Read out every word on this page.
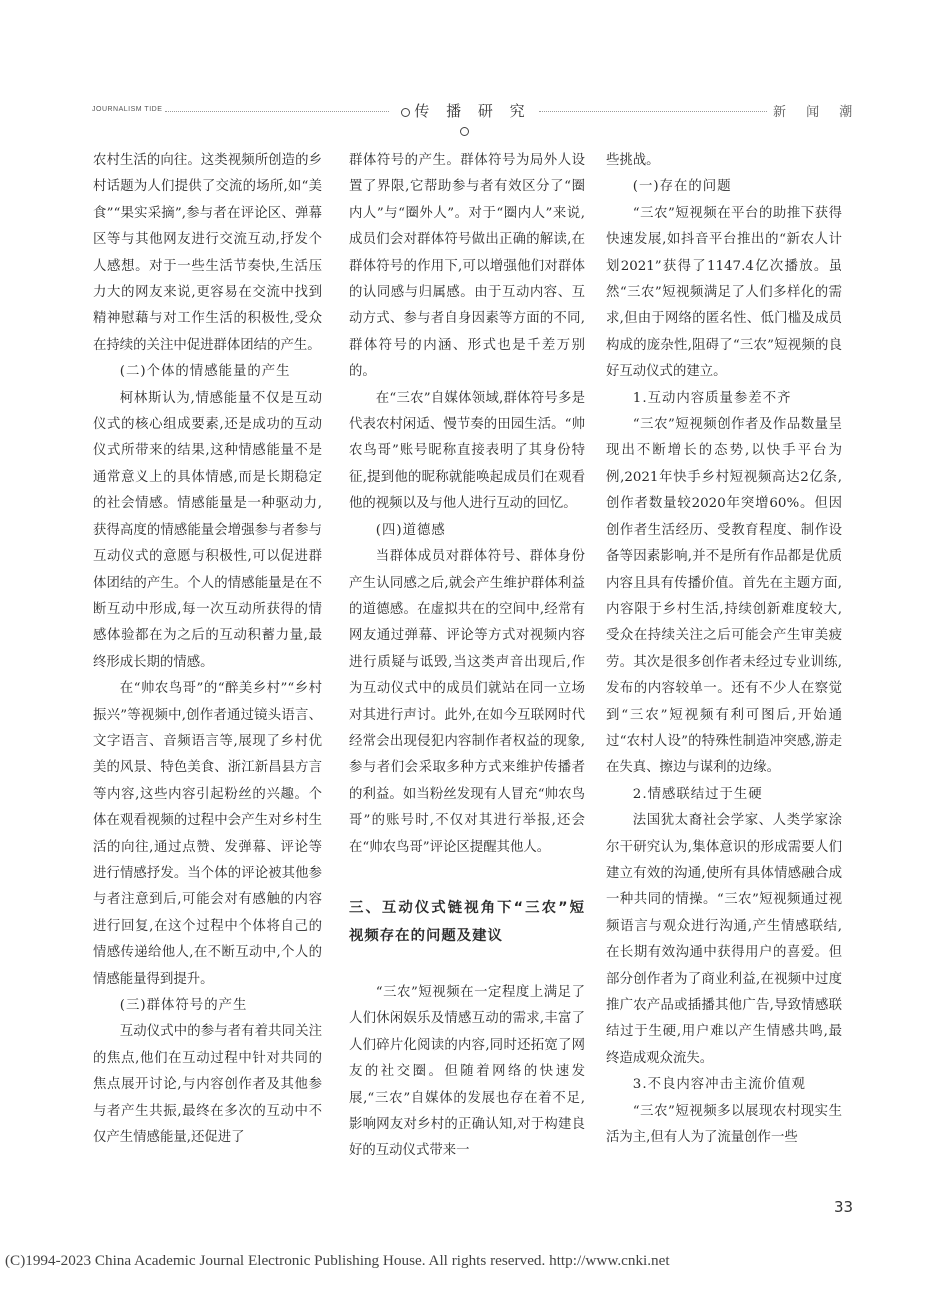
JOURNALISM TIDE	传 播 研 究	新 闻 潮

农村生活的向往。这类视频所创造的乡村话题为人们提供了交流的场所,如“美食”“果实采摘”,参与者在评论区、弹幕区等与其他网友进行交流互动,抒发个人感想。对于一些生活节奏快,生活压力大的网友来说,更容易在交流中找到精神慰藉与对工作生活的积极性,受众在持续的关注中促进群体团结的产生。

(二)个体的情感能量的产生

柯林斯认为,情感能量不仅是互动仪式的核心组成要素,还是成功的互动仪式所带来的结果,这种情感能量不是通常意义上的具体情感,而是长期稳定的社会情感。情感能量是一种驱动力,获得高度的情感能量会增强参与者参与互动仪式的意愿与积极性,可以促进群体团结的产生。个人的情感能量是在不断互动中形成,每一次互动所获得的情感体验都在为之后的互动积蓄力量,最终形成长期的情感。

在“帅农鸟哥”的“醉美乡村”“乡村振兴”等视频中,创作者通过镜头语言、文字语言、音频语言等,展现了乡村优美的风景、特色美食、浙江新昌县方言等内容,这些内容引起粉丝的兴趣。个体在观看视频的过程中会产生对乡村生活的向往,通过点赞、发弹幕、评论等进行情感抒发。当个体的评论被其他参与者注意到后,可能会对有感触的内容进行回复,在这个过程中个体将自己的情感传递给他人,在不断互动中,个人的情感能量得到提升。

(三)群体符号的产生

互动仪式中的参与者有着共同关注的焦点,他们在互动过程中针对共同的焦点展开讨论,与内容创作者及其他参与者产生共振,最终在多次的互动中不仅产生情感能量,还促进了

群体符号的产生。群体符号为局外人设置了界限,它帮助参与者有效区分了“圈内人”与“圈外人”。对于“圈内人”来说,成员们会对群体符号做出正确的解读,在群体符号的作用下,可以增强他们对群体的认同感与归属感。由于互动内容、互动方式、参与者自身因素等方面的不同,群体符号的内涵、形式也是千差万别的。

在“三农”自媒体领域,群体符号多是代表农村闲适、慢节奏的田园生活。“帅农鸟哥”账号昵称直接表明了其身份特征,提到他的昵称就能唤起成员们在观看他的视频以及与他人进行互动的回忆。

(四)道德感

当群体成员对群体符号、群体身份产生认同感之后,就会产生维护群体利益的道德感。在虚拟共在的空间中,经常有网友通过弹幕、评论等方式对视频内容进行质疑与诋毁,当这类声音出现后,作为互动仪式中的成员们就站在同一立场对其进行声讨。此外,在如今互联网时代经常会出现侵犯内容制作者权益的现象,参与者们会采取多种方式来维护传播者的利益。如当粉丝发现有人冒充“帅农鸟哥”的账号时,不仅对其进行举报,还会在“帅农鸟哥”评论区提醒其他人。

三、互动仪式链视角下“三农”短视频存在的问题及建议

“三农”短视频在一定程度上满足了人们休闲娱乐及情感互动的需求,丰富了人们碎片化阅读的内容,同时还拓宽了网友的社交圈。但随着网络的快速发展,“三农”自媒体的发展也存在着不足,影响网友对乡村的正确认知,对于构建良好的互动仪式带来一

些挑战。

(一)存在的问题

“三农”短视频在平台的助推下获得快速发展,如抖音平台推出的“新农人计划2021”获得了1147.4亿次播放。虽然“三农”短视频满足了人们多样化的需求,但由于网络的匿名性、低门槛及成员构成的庞杂性,阻碍了“三农”短视频的良好互动仪式的建立。

1.互动内容质量参差不齐

“三农”短视频创作者及作品数量呈现出不断增长的态势,以快手平台为例,2021年快手乡村短视频高达2亿条,创作者数量较2020年突增60%。但因创作者生活经历、受教育程度、制作设备等因素影响,并不是所有作品都是优质内容且具有传播价值。首先在主题方面,内容限于乡村生活,持续创新难度较大,受众在持续关注之后可能会产生审美疲劳。其次是很多创作者未经过专业训练,发布的内容较单一。还有不少人在察觉到“三农”短视频有利可图后,开始通过“农村人设”的特殊性制造冲突感,游走在失真、擦边与谋利的边缘。

2.情感联结过于生硬

法国犹太裔社会学家、人类学家涂尔干研究认为,集体意识的形成需要人们建立有效的沟通,使所有具体情感融合成一种共同的情操。“三农”短视频通过视频语言与观众进行沟通,产生情感联结,在长期有效沟通中获得用户的喜爱。但部分创作者为了商业利益,在视频中过度推广农产品或插播其他广告,导致情感联结过于生硬,用户难以产生情感共鸣,最终造成观众流失。

3.不良内容冲击主流价值观

“三农”短视频多以展现农村现实生活为主,但有人为了流量创作一些

33
(C)1994-2023 China Academic Journal Electronic Publishing House. All rights reserved. http://www.cnki.net
